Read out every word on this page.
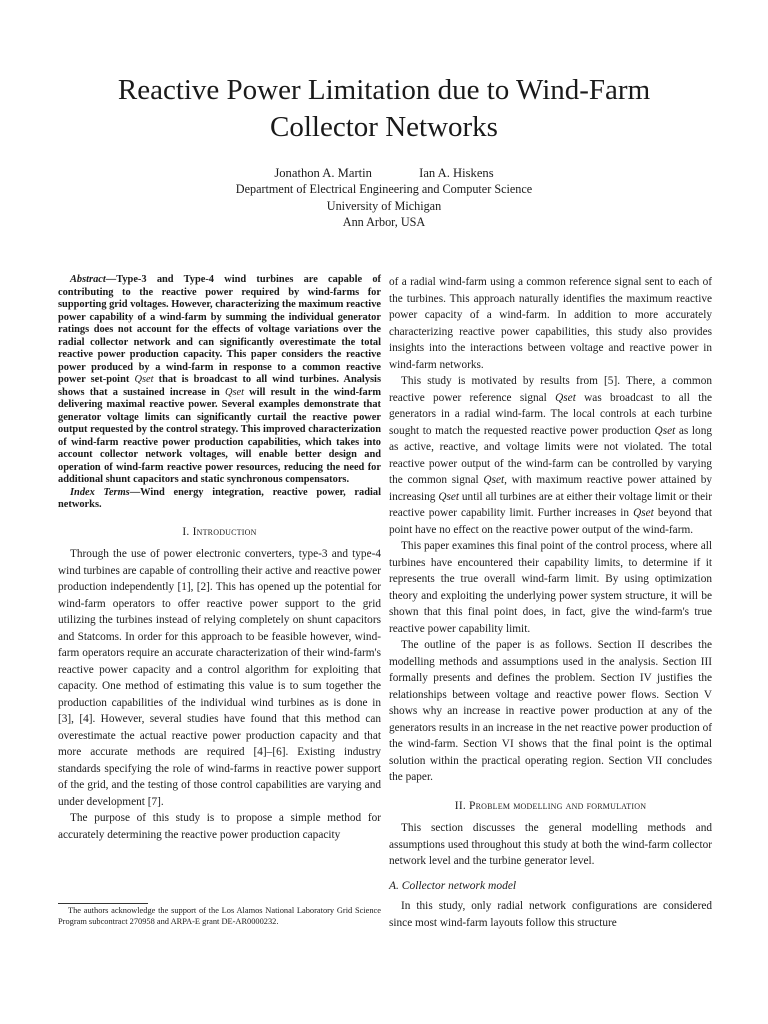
Reactive Power Limitation due to Wind-Farm
Collector Networks
Jonathon A. Martin	Ian A. Hiskens
Department of Electrical Engineering and Computer Science
University of Michigan
Ann Arbor, USA

Abstract—Type-3 and Type-4 wind turbines are capable of contributing to the reactive power required by wind-farms for supporting grid voltages. However, characterizing the maximum reactive power capability of a wind-farm by summing the individual generator ratings does not account for the effects of voltage variations over the radial collector network and can significantly overestimate the total reactive power production capacity. This paper considers the reactive power produced by a wind-farm in response to a common reactive power set-point Qset that is broadcast to all wind turbines. Analysis shows that a sustained increase in Qset will result in the wind-farm delivering maximal reactive power. Several examples demonstrate that generator voltage limits can significantly curtail the reactive power output requested by the control strategy. This improved characterization of wind-farm reactive power production capabilities, which takes into account collector network voltages, will enable better design and operation of wind-farm reactive power resources, reducing the need for additional shunt capacitors and static synchronous compensators.

Index Terms—Wind energy integration, reactive power, radial networks.

I. Introduction

Through the use of power electronic converters, type-3 and type-4 wind turbines are capable of controlling their active and reactive power production independently [1], [2]. This has opened up the potential for wind-farm operators to offer reactive power support to the grid utilizing the turbines instead of relying completely on shunt capacitors and Statcoms. In order for this approach to be feasible however, wind-farm operators require an accurate characterization of their wind-farm's reactive power capacity and a control algorithm for exploiting that capacity. One method of estimating this value is to sum together the production capabilities of the individual wind turbines as is done in [3], [4]. However, several studies have found that this method can overestimate the actual reactive power production capacity and that more accurate methods are required [4]–[6]. Existing industry standards specifying the role of wind-farms in reactive power support of the grid, and the testing of those control capabilities are varying and under development [7].

The purpose of this study is to propose a simple method for accurately determining the reactive power production capacity

of a radial wind-farm using a common reference signal sent to each of the turbines. This approach naturally identifies the maximum reactive power capacity of a wind-farm. In addition to more accurately characterizing reactive power capabilities, this study also provides insights into the interactions between voltage and reactive power in wind-farm networks.

This study is motivated by results from [5]. There, a common reactive power reference signal Qset was broadcast to all the generators in a radial wind-farm. The local controls at each turbine sought to match the requested reactive power production Qset as long as active, reactive, and voltage limits were not violated. The total reactive power output of the wind-farm can be controlled by varying the common signal Qset, with maximum reactive power attained by increasing Qset until all turbines are at either their voltage limit or their reactive power capability limit. Further increases in Qset beyond that point have no effect on the reactive power output of the wind-farm.

This paper examines this final point of the control process, where all turbines have encountered their capability limits, to determine if it represents the true overall wind-farm limit. By using optimization theory and exploiting the underlying power system structure, it will be shown that this final point does, in fact, give the wind-farm's true reactive power capability limit.

The outline of the paper is as follows. Section II describes the modelling methods and assumptions used in the analysis. Section III formally presents and defines the problem. Section IV justifies the relationships between voltage and reactive power flows. Section V shows why an increase in reactive power production at any of the generators results in an increase in the net reactive power production of the wind-farm. Section VI shows that the final point is the optimal solution within the practical operating region. Section VII concludes the paper.

II. Problem modelling and formulation

This section discusses the general modelling methods and assumptions used throughout this study at both the wind-farm collector network level and the turbine generator level.

A. Collector network model

In this study, only radial network configurations are considered since most wind-farm layouts follow this structure

The authors acknowledge the support of the Los Alamos National Laboratory Grid Science Program subcontract 270958 and ARPA-E grant DE-AR0000232.
